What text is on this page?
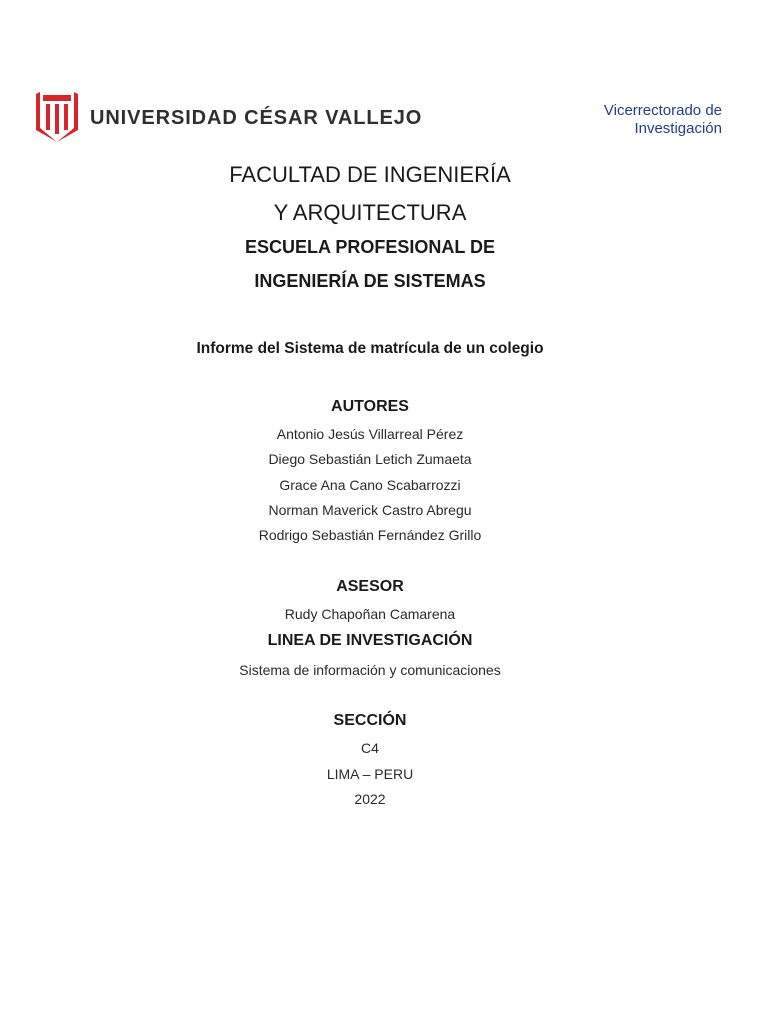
UNIVERSIDAD CÉSAR VALLEJO	Vicerrectorado de
Investigación
FACULTAD DE INGENIERÍA
Y ARQUITECTURA
ESCUELA PROFESIONAL DE
INGENIERÍA DE SISTEMAS
Informe del Sistema de matrícula de un colegio
AUTORES
Antonio Jesús Villarreal Pérez
Diego Sebastián Letich Zumaeta
Grace Ana Cano Scabarrozzi
Norman Maverick Castro Abregu
Rodrigo Sebastián Fernández Grillo
ASESOR
Rudy Chapoñan Camarena
LINEA DE INVESTIGACIÓN
Sistema de información y comunicaciones
SECCIÓN
C4
LIMA – PERU
2022
